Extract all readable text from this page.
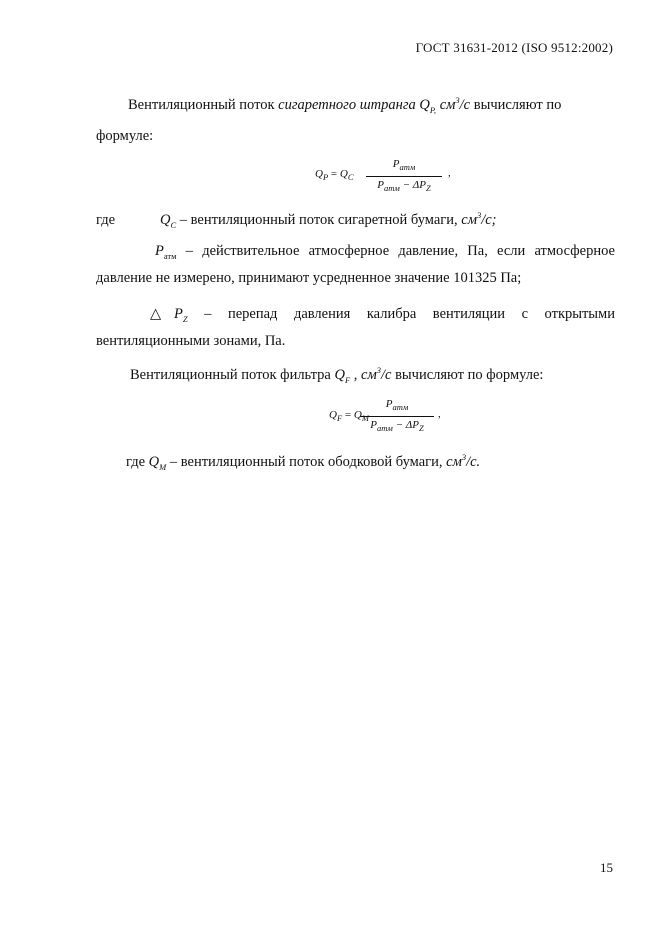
ГОСТ 31631-2012 (ISO 9512:2002)
Вентиляционный поток сигаретного штранга $Q_{P,}$ $см^3/с$ вычисляют по
формуле:
$Q_P = Q_C$
$P_{атм}$
$P_{атм} - \Delta P_Z$
,
где	$Q_C$ – вентиляционный поток сигаретной бумаги, $см^3/с$;
$P_{атм}$ – действительное атмосферное давление, Па, если атмосферное
давление не измерено, принимают усредненное значение 101325 Па;
$\triangle P_Z$ – перепад давления калибра вентиляции с открытыми
вентиляционными зонами, Па.
Вентиляционный поток фильтра $Q_F$ , $см^3/с$ вычисляют по формуле:
$Q_F = Q_M$
$P_{атм}$
$P_{атм} - \Delta P_Z$
,
где $Q_M$ – вентиляционный поток ободковой бумаги, $см^3/с$.
15
